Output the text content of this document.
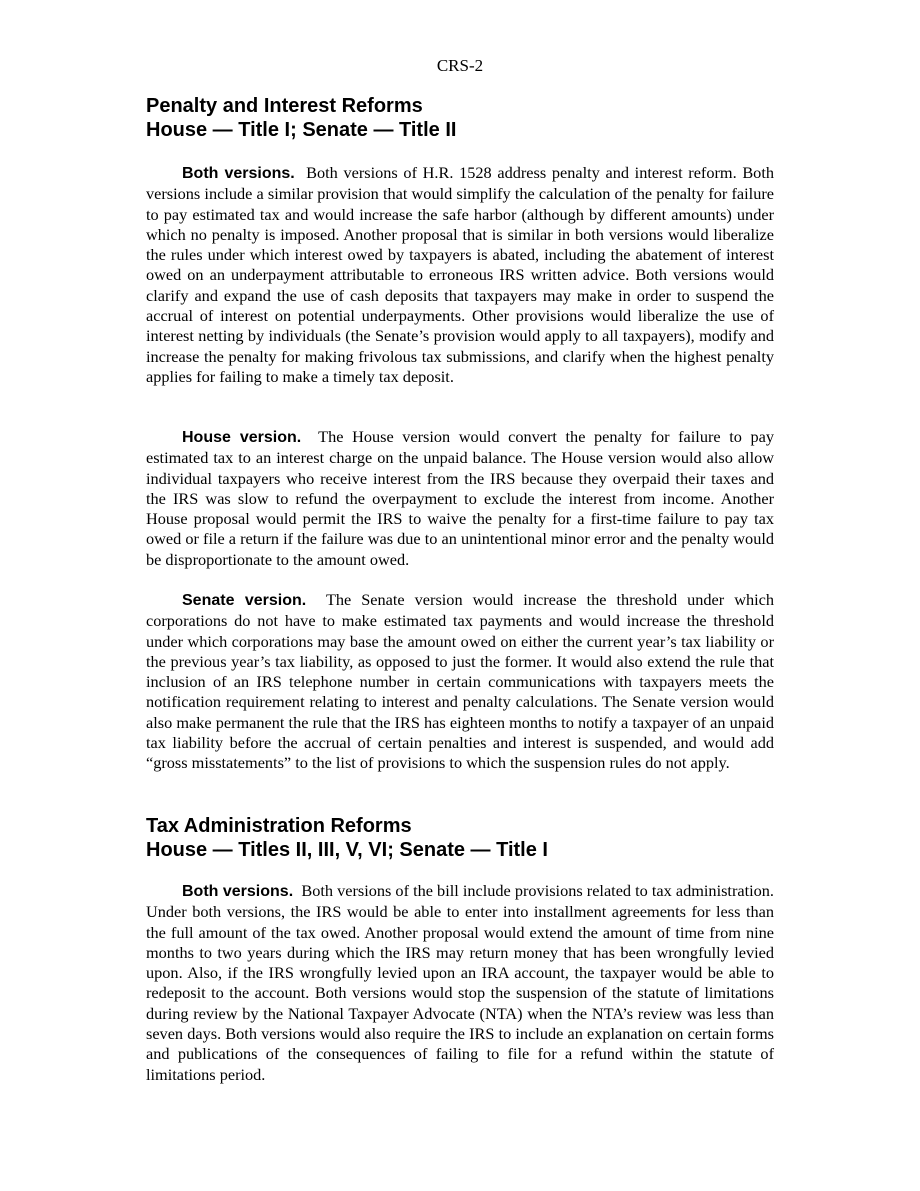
CRS-2
Penalty and Interest Reforms
House — Title I; Senate — Title II

Both versions. Both versions of H.R. 1528 address penalty and interest reform. Both versions include a similar provision that would simplify the calculation of the penalty for failure to pay estimated tax and would increase the safe harbor (although by different amounts) under which no penalty is imposed. Another proposal that is similar in both versions would liberalize the rules under which interest owed by taxpayers is abated, including the abatement of interest owed on an underpayment attributable to erroneous IRS written advice. Both versions would clarify and expand the use of cash deposits that taxpayers may make in order to suspend the accrual of interest on potential underpayments. Other provisions would liberalize the use of interest netting by individuals (the Senate’s provision would apply to all taxpayers), modify and increase the penalty for making frivolous tax submissions, and clarify when the highest penalty applies for failing to make a timely tax deposit.

House version. The House version would convert the penalty for failure to pay estimated tax to an interest charge on the unpaid balance. The House version would also allow individual taxpayers who receive interest from the IRS because they overpaid their taxes and the IRS was slow to refund the overpayment to exclude the interest from income. Another House proposal would permit the IRS to waive the penalty for a first-time failure to pay tax owed or file a return if the failure was due to an unintentional minor error and the penalty would be disproportionate to the amount owed.

Senate version. The Senate version would increase the threshold under which corporations do not have to make estimated tax payments and would increase the threshold under which corporations may base the amount owed on either the current year’s tax liability or the previous year’s tax liability, as opposed to just the former. It would also extend the rule that inclusion of an IRS telephone number in certain communications with taxpayers meets the notification requirement relating to interest and penalty calculations. The Senate version would also make permanent the rule that the IRS has eighteen months to notify a taxpayer of an unpaid tax liability before the accrual of certain penalties and interest is suspended, and would add “gross misstatements” to the list of provisions to which the suspension rules do not apply.

Tax Administration Reforms
House — Titles II, III, V, VI; Senate — Title I

Both versions. Both versions of the bill include provisions related to tax administration. Under both versions, the IRS would be able to enter into installment agreements for less than the full amount of the tax owed. Another proposal would extend the amount of time from nine months to two years during which the IRS may return money that has been wrongfully levied upon. Also, if the IRS wrongfully levied upon an IRA account, the taxpayer would be able to redeposit to the account. Both versions would stop the suspension of the statute of limitations during review by the National Taxpayer Advocate (NTA) when the NTA’s review was less than seven days. Both versions would also require the IRS to include an explanation on certain forms and publications of the consequences of failing to file for a refund within the statute of limitations period.
